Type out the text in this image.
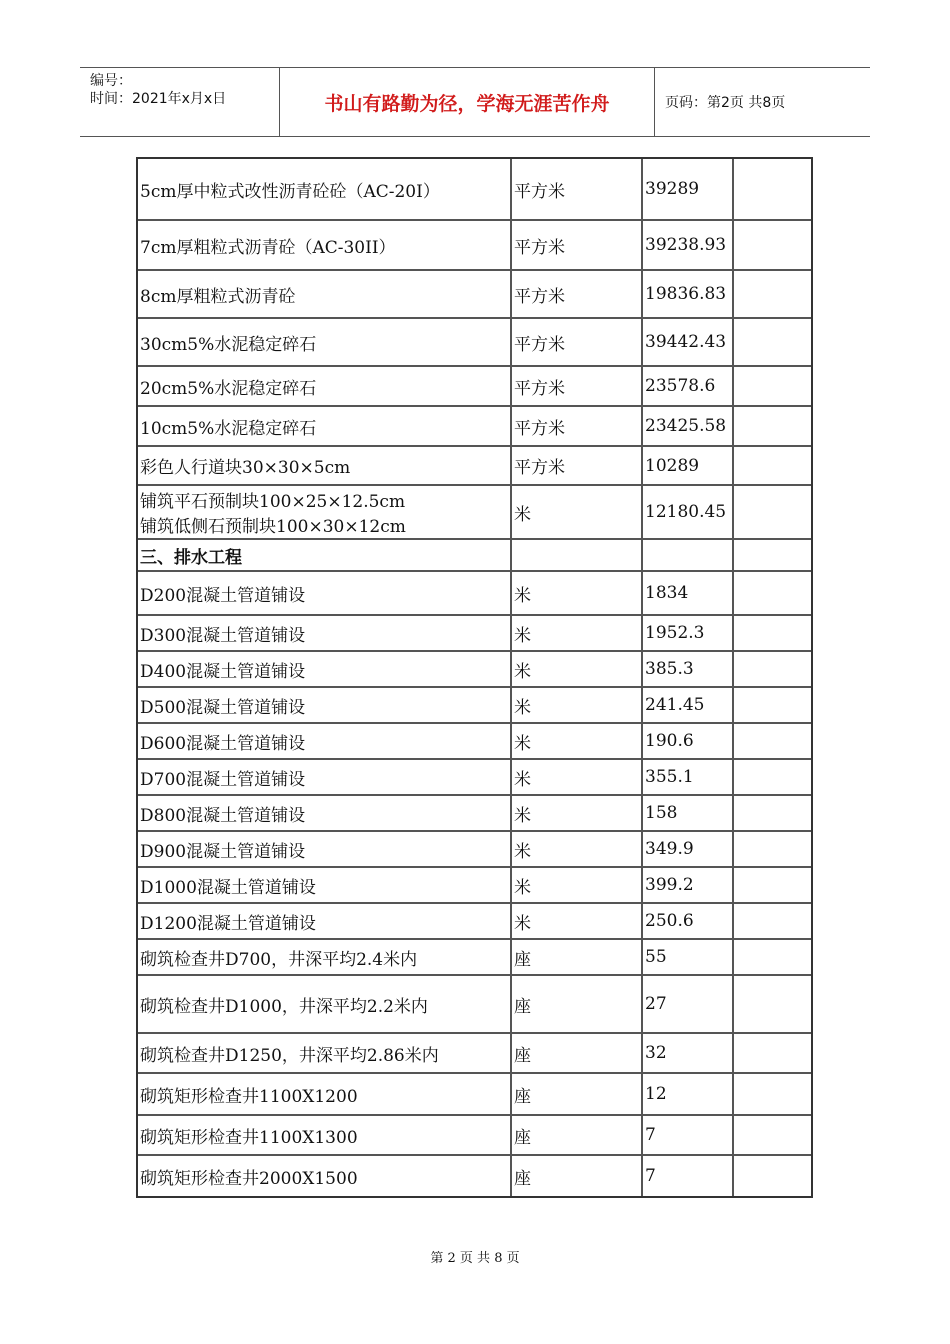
编号：
时间：2021年x月x日	书山有路勤为径，学海无涯苦作舟	页码：第2页 共8页
5cm厚中粒式改性沥青砼砼（AC-20I）	平方米	39289	

7cm厚粗粒式沥青砼（AC-30II）	平方米	39238.93	

8cm厚粗粒式沥青砼	平方米	19836.83	

30cm5%水泥稳定碎石	平方米	39442.43	

20cm5%水泥稳定碎石	平方米	23578.6	

10cm5%水泥稳定碎石	平方米	23425.58	

彩色人行道块30×30×5cm	平方米	10289	

铺筑平石预制块100×25×12.5cm
铺筑低侧石预制块100×30×12cm	米	12180.45	

三、排水工程			

D200混凝土管道铺设	米	1834	

D300混凝土管道铺设	米	1952.3	

D400混凝土管道铺设	米	385.3	

D500混凝土管道铺设	米	241.45	

D600混凝土管道铺设	米	190.6	

D700混凝土管道铺设	米	355.1	

D800混凝土管道铺设	米	158	

D900混凝土管道铺设	米	349.9	

D1000混凝土管道铺设	米	399.2	

D1200混凝土管道铺设	米	250.6	

砌筑检查井D700，井深平均2.4米内	座	55	

砌筑检查井D1000，井深平均2.2米内	座	27	

砌筑检查井D1250，井深平均2.86米内	座	32	

砌筑矩形检查井1100X1200	座	12	

砌筑矩形检查井1100X1300	座	7	

砌筑矩形检查井2000X1500	座	7	
第 2 页 共 8 页
